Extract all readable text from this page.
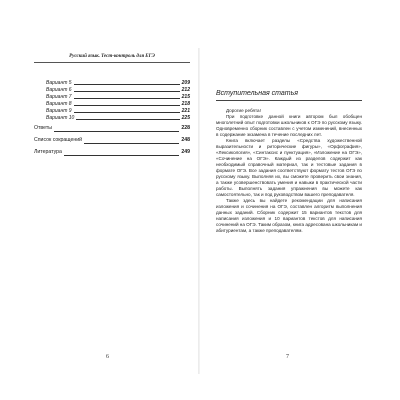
Русский язык. Тест-контроль для ЕГЭ
Вариант 5	209
Вариант 6	212
Вариант 7	215
Вариант 8	218
Вариант 9	221
Вариант 10	225
Ответы	228
Список сокращений	248
Литература	249
6
Вступительная статья

Дорогие ребята!

При подготовке данной книги автором был обобщен многолетний опыт подготовки школьников к ОГЭ по русскому языку. Одновременно сборник составлен с учетом изменений, внесенных в содержание экзамена в течение последних лет.

Книга включает разделы «Средства художественной выразительности и риторические фигуры», «Орфография», «Лексикология», «Синтаксис и пунктуация», «Изложение на ОГЭ», «Сочинение на ОГЭ». Каждый из разделов содержит как необходимый справочный материал, так и тестовые задания в формате ОГЭ. Все задания соответствуют формату тестов ОГЭ по русскому языку. Выполняя их, вы сможете проверить свои знания, а также усовершенствовать умения и навыки в практической части работы. Выполнять задания упражнения вы можете как самостоятельно, так и под руководством вашего преподавателя.

Также здесь вы найдете рекомендации для написания изложения и сочинения на ОГЭ, составлен алгоритм выполнения данных заданий. Сборник содержит 15 вариантов текстов для написания изложения и 10 вариантов текстов для написания сочинений на ОГЭ. Таким образом, книга адресована школьникам и абитуриентам, а также преподавателям.

7
